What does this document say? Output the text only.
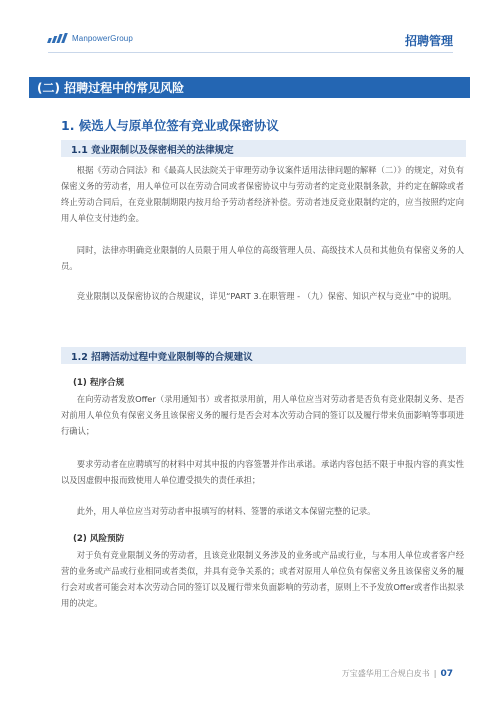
ManpowerGroup	招聘管理
(二) 招聘过程中的常见风险
1. 候选人与原单位签有竞业或保密协议
1.1 竞业限制以及保密相关的法律规定

根据《劳动合同法》和《最高人民法院关于审理劳动争议案件适用法律问题的解释（二）》的规定，对负有保密义务的劳动者，用人单位可以在劳动合同或者保密协议中与劳动者约定竞业限制条款，并约定在解除或者终止劳动合同后，在竞业限制期限内按月给予劳动者经济补偿。劳动者违反竞业限制约定的，应当按照约定向用人单位支付违约金。

同时，法律亦明确竞业限制的人员限于用人单位的高级管理人员、高级技术人员和其他负有保密义务的人员。

竞业限制以及保密协议的合规建议，详见“PART 3.在职管理 - （九）保密、知识产权与竞业”中的说明。

1.2 招聘活动过程中竞业限制等的合规建议
(1) 程序合规

在向劳动者发放Offer（录用通知书）或者拟录用前，用人单位应当对劳动者是否负有竞业限制义务、是否对前用人单位负有保密义务且该保密义务的履行是否会对本次劳动合同的签订以及履行带来负面影响等事项进行确认；

要求劳动者在应聘填写的材料中对其申报的内容签署并作出承诺。承诺内容包括不限于申报内容的真实性以及因虚假申报而致使用人单位遭受损失的责任承担；

此外，用人单位应当对劳动者申报填写的材料、签署的承诺文本保留完整的记录。

(2) 风险预防

对于负有竞业限制义务的劳动者，且该竞业限制义务涉及的业务或产品或行业，与本用人单位或者客户经营的业务或产品或行业相同或者类似，并具有竞争关系的；或者对原用人单位负有保密义务且该保密义务的履行会对或者可能会对本次劳动合同的签订以及履行带来负面影响的劳动者，原则上不予发放Offer或者作出拟录用的决定。

万宝盛华用工合规白皮书 | 07
